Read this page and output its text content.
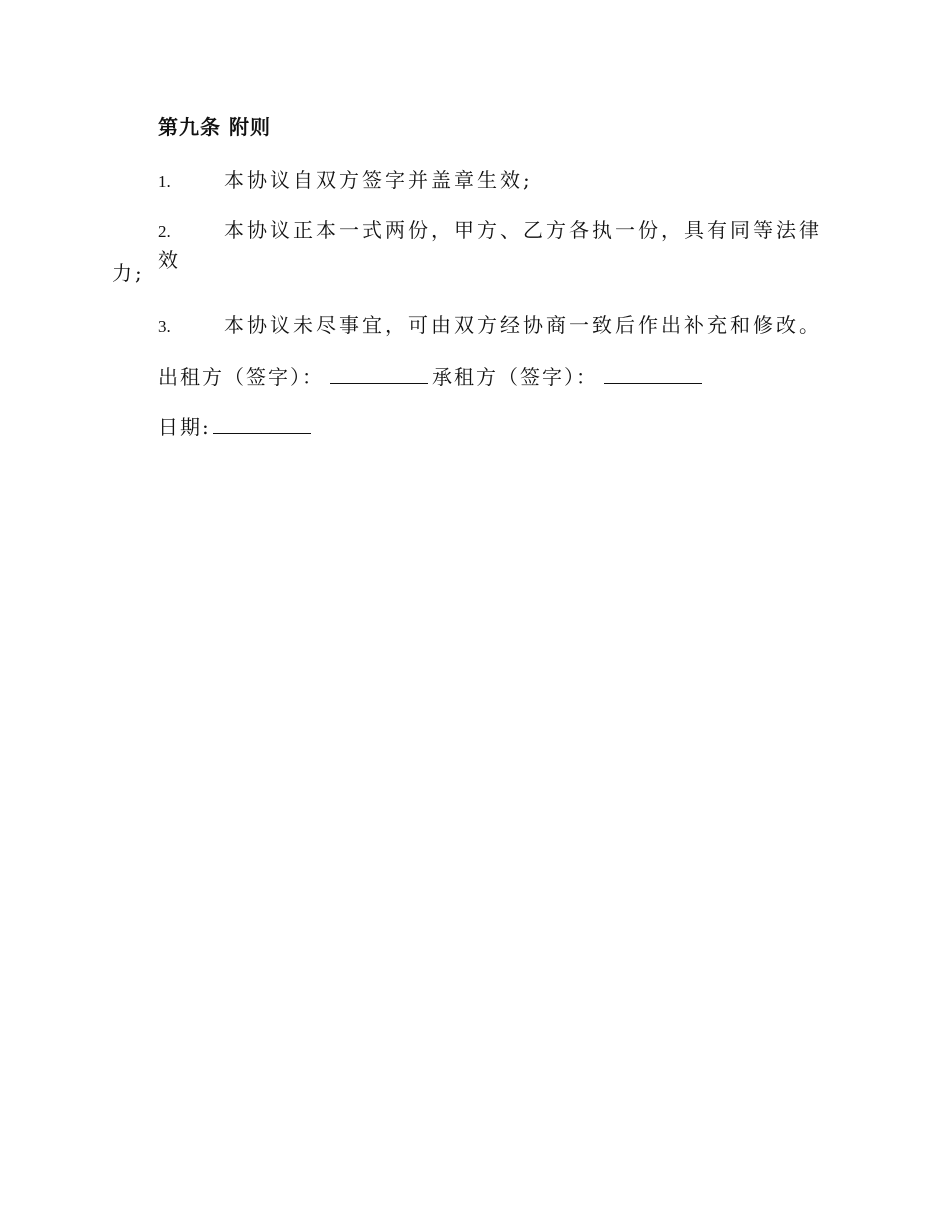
第九条 附则
1.	本协议自双方签字并盖章生效;
2.	本协议正本一式两份，甲方、乙方各执一份，具有同等法律效
力;
3.	本协议未尽事宜，可由双方经协商一致后作出补充和修改。
出租方（签字）：	承租方（签字）：
日期:
